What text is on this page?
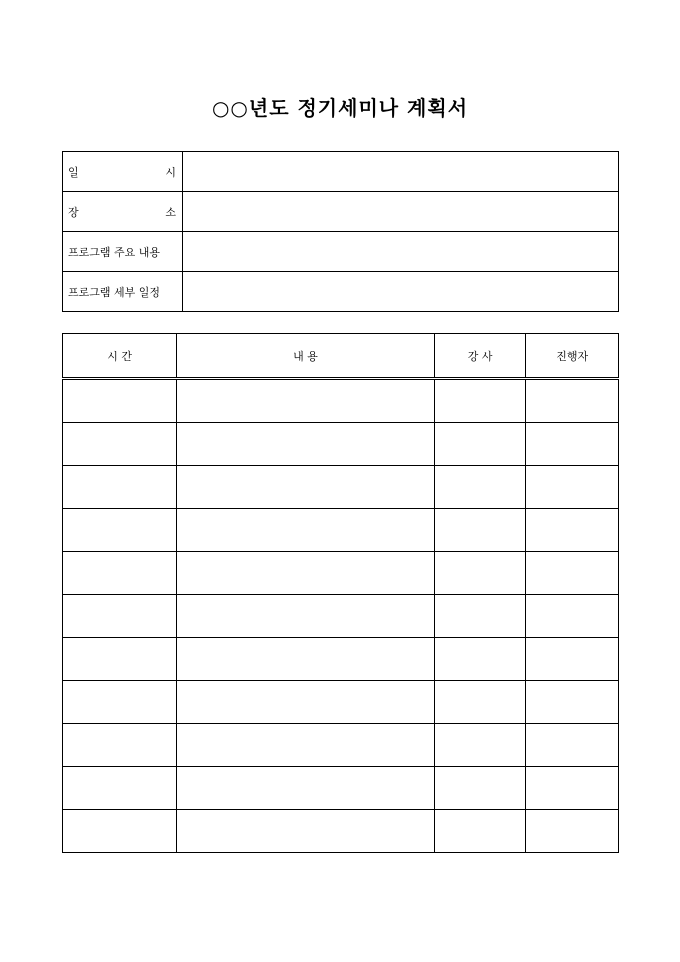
○○년도 정기세미나 계획서
일 시	

장 소	

프로그램 주요 내용	

프로그램 세부 일정	

시 간	내 용	강 사	진행자
